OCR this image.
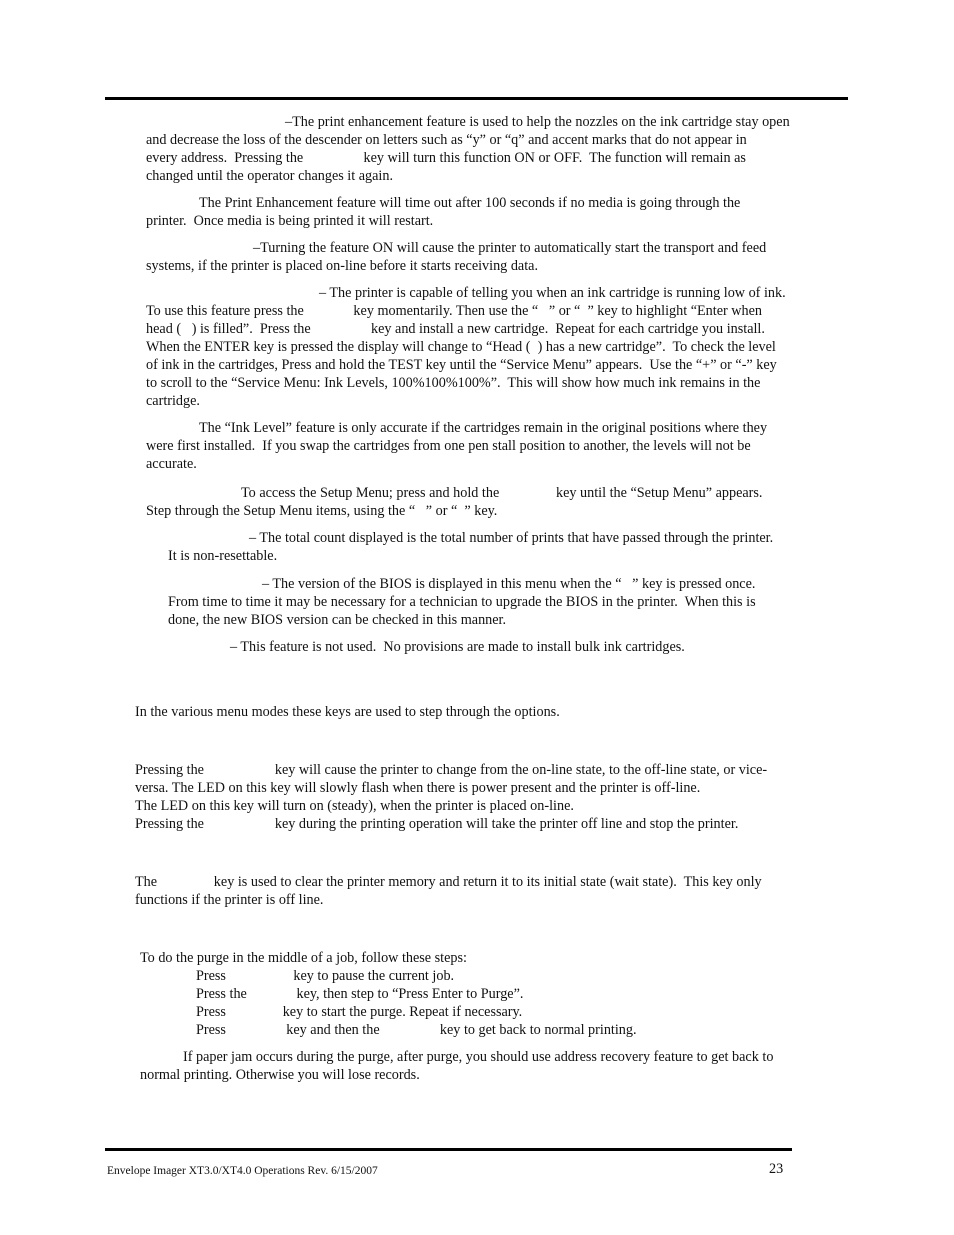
–The print enhancement feature is used to help the nozzles on the ink cartridge stay open
and decrease the loss of the descender on letters such as “y” or “q” and accent marks that do not appear in
every address.  Pressing the                 key will turn this function ON or OFF.  The function will remain as
changed until the operator changes it again.
The Print Enhancement feature will time out after 100 seconds if no media is going through the
printer.  Once media is being printed it will restart.
–Turning the feature ON will cause the printer to automatically start the transport and feed
systems, if the printer is placed on-line before it starts receiving data.
– The printer is capable of telling you when an ink cartridge is running low of ink.
To use this feature press the              key momentarily. Then use the “   ” or “  ” key to highlight “Enter when
head (   ) is filled”.  Press the                 key and install a new cartridge.  Repeat for each cartridge you install.
When the ENTER key is pressed the display will change to “Head (  ) has a new cartridge”.  To check the level
of ink in the cartridges, Press and hold the TEST key until the “Service Menu” appears.  Use the “+” or “-” key
to scroll to the “Service Menu: Ink Levels, 100%100%100%”.  This will show how much ink remains in the
cartridge.
The “Ink Level” feature is only accurate if the cartridges remain in the original positions where they
were first installed.  If you swap the cartridges from one pen stall position to another, the levels will not be
accurate.
To access the Setup Menu; press and hold the                key until the “Setup Menu” appears.
Step through the Setup Menu items, using the “   ” or “  ” key.
– The total count displayed is the total number of prints that have passed through the printer.
It is non-resettable.
– The version of the BIOS is displayed in this menu when the “   ” key is pressed once.
From time to time it may be necessary for a technician to upgrade the BIOS in the printer.  When this is
done, the new BIOS version can be checked in this manner.
– This feature is not used.  No provisions are made to install bulk ink cartridges.
In the various menu modes these keys are used to step through the options.
Pressing the                    key will cause the printer to change from the on-line state, to the off-line state, or vice-
versa. The LED on this key will slowly flash when there is power present and the printer is off-line.
The LED on this key will turn on (steady), when the printer is placed on-line.
Pressing the                    key during the printing operation will take the printer off line and stop the printer.
The                key is used to clear the printer memory and return it to its initial state (wait state).  This key only
functions if the printer is off line.
To do the purge in the middle of a job, follow these steps:
Press                   key to pause the current job.
Press the              key, then step to “Press Enter to Purge”.
Press                key to start the purge. Repeat if necessary.
Press                 key and then the                 key to get back to normal printing.
If paper jam occurs during the purge, after purge, you should use address recovery feature to get back to
normal printing. Otherwise you will lose records.
Envelope Imager XT3.0/XT4.0 Operations Rev. 6/15/2007	23
